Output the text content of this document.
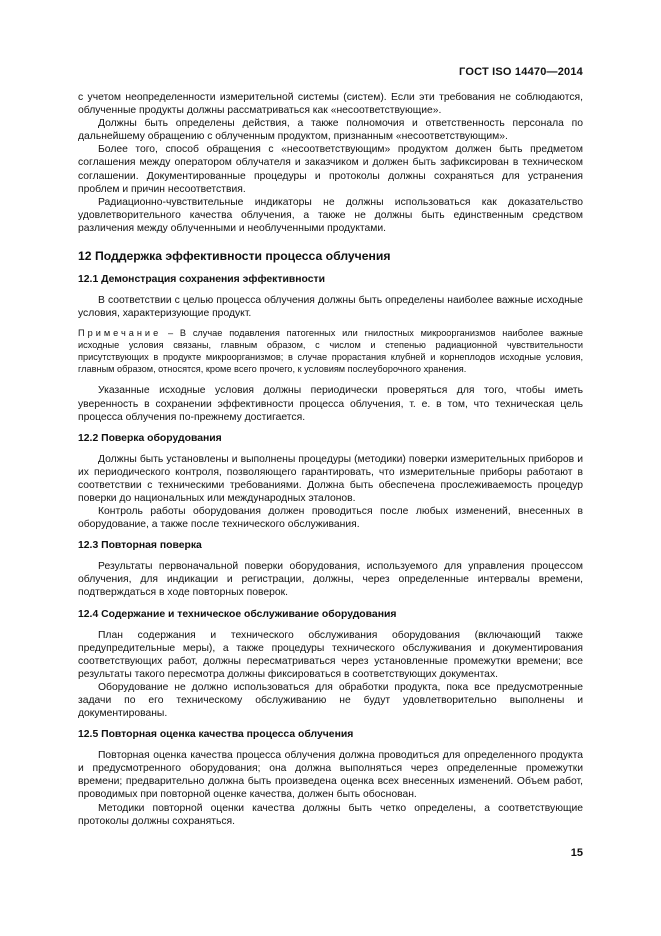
ГОСТ ISO 14470—2014

с учетом неопределенности измерительной системы (систем). Если эти требования не соблюдаются, облученные продукты должны рассматриваться как «несоответствующие».

Должны быть определены действия, а также полномочия и ответственность персонала по дальнейшему обращению с облученным продуктом, признанным «несоответствующим».

Более того, способ обращения с «несоответствующим» продуктом должен быть предметом соглашения между оператором облучателя и заказчиком и должен быть зафиксирован в техническом соглашении. Документированные процедуры и протоколы должны сохраняться для устранения проблем и причин несоответствия.

Радиационно-чувствительные индикаторы не должны использоваться как доказательство удовлетворительного качества облучения, а также не должны быть единственным средством различения между облученными и необлученными продуктами.

12 Поддержка эффективности процесса облучения
12.1 Демонстрация сохранения эффективности

В соответствии с целью процесса облучения должны быть определены наиболее важные исходные условия, характеризующие продукт.

Примечание – В случае подавления патогенных или гнилостных микроорганизмов наиболее важные исходные условия связаны, главным образом, с числом и степенью радиационной чувствительности присутствующих в продукте микроорганизмов; в случае прорастания клубней и корнеплодов исходные условия, главным образом, относятся, кроме всего прочего, к условиям послеуборочного хранения.

Указанные исходные условия должны периодически проверяться для того, чтобы иметь уверенность в сохранении эффективности процесса облучения, т. е. в том, что техническая цель процесса облучения по-прежнему достигается.

12.2 Поверка оборудования

Должны быть установлены и выполнены процедуры (методики) поверки измерительных приборов и их периодического контроля, позволяющего гарантировать, что измерительные приборы работают в соответствии с техническими требованиями. Должна быть обеспечена прослеживаемость процедур поверки до национальных или международных эталонов.

Контроль работы оборудования должен проводиться после любых изменений, внесенных в оборудование, а также после технического обслуживания.

12.3 Повторная поверка

Результаты первоначальной поверки оборудования, используемого для управления процессом облучения, для индикации и регистрации, должны, через определенные интервалы времени, подтверждаться в ходе повторных поверок.

12.4 Содержание и техническое обслуживание оборудования

План содержания и технического обслуживания оборудования (включающий также предупредительные меры), а также процедуры технического обслуживания и документирования соответствующих работ, должны пересматриваться через установленные промежутки времени; все результаты такого пересмотра должны фиксироваться в соответствующих документах.

Оборудование не должно использоваться для обработки продукта, пока все предусмотренные задачи по его техническому обслуживанию не будут удовлетворительно выполнены и документированы.

12.5 Повторная оценка качества процесса облучения

Повторная оценка качества процесса облучения должна проводиться для определенного продукта и предусмотренного оборудования; она должна выполняться через определенные промежутки времени; предварительно должна быть произведена оценка всех внесенных изменений. Объем работ, проводимых при повторной оценке качества, должен быть обоснован.

Методики повторной оценки качества должны быть четко определены, а соответствующие протоколы должны сохраняться.

15
